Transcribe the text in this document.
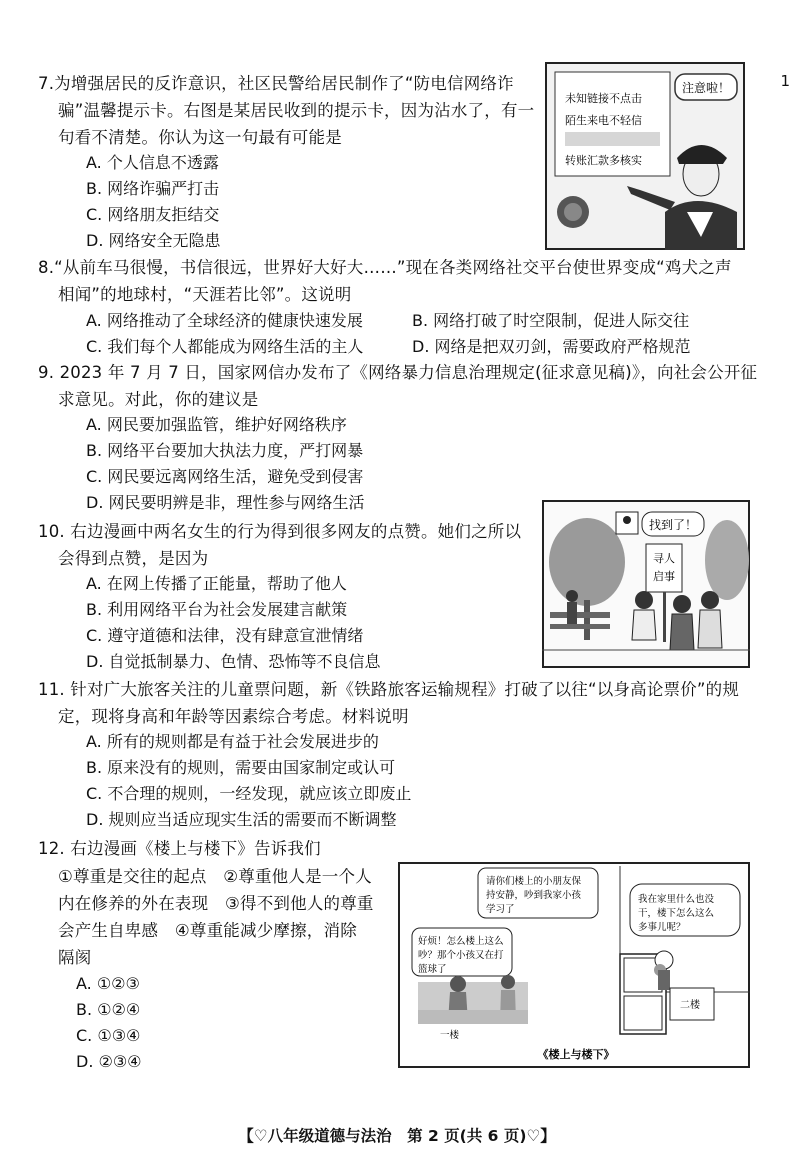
1
7.为增强居民的反诈意识，社区民警给居民制作了“防电信网络诈
骗”温馨提示卡。右图是某居民收到的提示卡，因为沾水了，有一
句看不清楚。你认为这一句最有可能是
A. 个人信息不透露
B. 网络诈骗严打击
C. 网络朋友拒结交
D. 网络安全无隐患
注意啦！
未知链接不点击
陌生来电不轻信
转账汇款多核实
8.“从前车马很慢，书信很远，世界好大好大……”现在各类网络社交平台使世界变成“鸡犬之声
相闻”的地球村，“天涯若比邻”。这说明
A. 网络推动了全球经济的健康快速发展	B. 网络打破了时空限制，促进人际交往
C. 我们每个人都能成为网络生活的主人	D. 网络是把双刃剑，需要政府严格规范
9. 2023 年 7 月 7 日，国家网信办发布了《网络暴力信息治理规定(征求意见稿)》，向社会公开征
求意见。对此，你的建议是
A. 网民要加强监管，维护好网络秩序
B. 网络平台要加大执法力度，严打网暴
C. 网民要远离网络生活，避免受到侵害
D. 网民要明辨是非，理性参与网络生活
10. 右边漫画中两名女生的行为得到很多网友的点赞。她们之所以
会得到点赞，是因为
A. 在网上传播了正能量，帮助了他人
B. 利用网络平台为社会发展建言献策
C. 遵守道德和法律，没有肆意宣泄情绪
D. 自觉抵制暴力、色情、恐怖等不良信息
找到了！
寻人
启事
11. 针对广大旅客关注的儿童票问题，新《铁路旅客运输规程》打破了以往“以身高论票价”的规
定，现将身高和年龄等因素综合考虑。材料说明
A. 所有的规则都是有益于社会发展进步的
B. 原来没有的规则，需要由国家制定或认可
C. 不合理的规则，一经发现，就应该立即废止
D. 规则应当适应现实生活的需要而不断调整
12. 右边漫画《楼上与楼下》告诉我们
①尊重是交往的起点　②尊重他人是一个人
内在修养的外在表现　③得不到他人的尊重
会产生自卑感　④尊重能减少摩擦，消除
隔阂
A. ①②③
B. ①②④
C. ①③④
D. ②③④
请你们楼上的小朋友保
持安静，吵到我家小孩
学习了
好烦！怎么楼上这么
吵？那个小孩又在打
篮球了
我在家里什么也没
干，楼下怎么这么
多事儿呢？
一楼
二楼
《楼上与楼下》
【♡八年级道德与法治　第 2 页(共 6 页)♡】
